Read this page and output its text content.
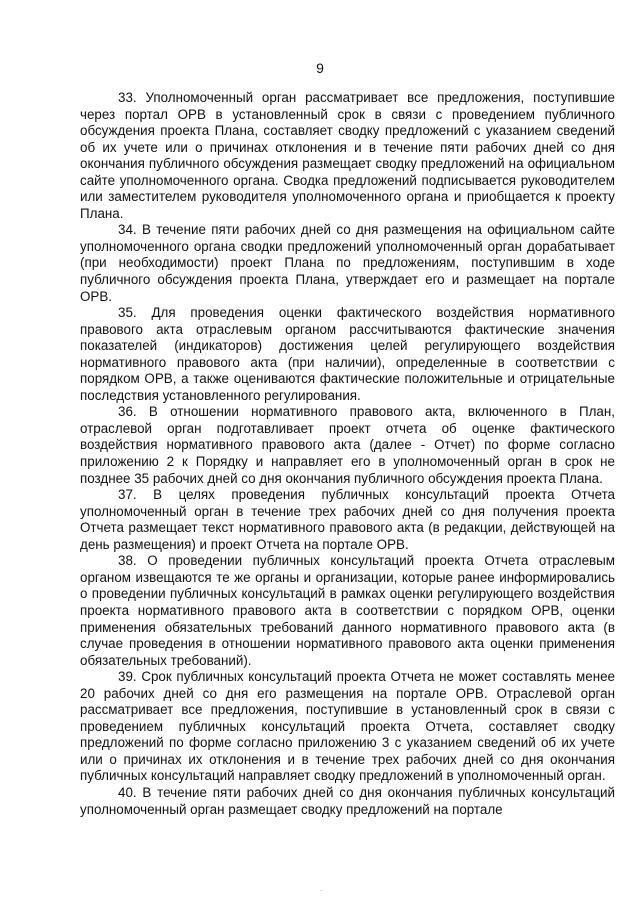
9

33. Уполномоченный орган рассматривает все предложения, поступившие через портал ОРВ в установленный срок в связи с проведением публичного обсуждения проекта Плана, составляет сводку предложений с указанием сведений об их учете или о причинах отклонения и в течение пяти рабочих дней со дня окончания публичного обсуждения размещает сводку предложений на официальном сайте уполномоченного органа. Сводка предложений подписывается руководителем или заместителем руководителя уполномоченного органа и приобщается к проекту Плана.

34. В течение пяти рабочих дней со дня размещения на официальном сайте уполномоченного органа сводки предложений уполномоченный орган дорабатывает (при необходимости) проект Плана по предложениям, поступившим в ходе публичного обсуждения проекта Плана, утверждает его и размещает на портале ОРВ.

35. Для проведения оценки фактического воздействия нормативного правового акта отраслевым органом рассчитываются фактические значения показателей (индикаторов) достижения целей регулирующего воздействия нормативного правового акта (при наличии), определенные в соответствии с порядком ОРВ, а также оцениваются фактические положительные и отрицательные последствия установленного регулирования.

36. В отношении нормативного правового акта, включенного в План, отраслевой орган подготавливает проект отчета об оценке фактического воздействия нормативного правового акта (далее - Отчет) по форме согласно приложению 2 к Порядку и направляет его в уполномоченный орган в срок не позднее 35 рабочих дней со дня окончания публичного обсуждения проекта Плана.

37. В целях проведения публичных консультаций проекта Отчета уполномоченный орган в течение трех рабочих дней со дня получения проекта Отчета размещает текст нормативного правового акта (в редакции, действующей на день размещения) и проект Отчета на портале ОРВ.

38. О проведении публичных консультаций проекта Отчета отраслевым органом извещаются те же органы и организации, которые ранее информировались о проведении публичных консультаций в рамках оценки регулирующего воздействия проекта нормативного правового акта в соответствии с порядком ОРВ, оценки применения обязательных требований данного нормативного правового акта (в случае проведения в отношении нормативного правового акта оценки применения обязательных требований).

39. Срок публичных консультаций проекта Отчета не может составлять менее 20 рабочих дней со дня его размещения на портале ОРВ. Отраслевой орган рассматривает все предложения, поступившие в установленный срок в связи с проведением публичных консультаций проекта Отчета, составляет сводку предложений по форме согласно приложению 3 с указанием сведений об их учете или о причинах их отклонения и в течение трех рабочих дней со дня окончания публичных консультаций направляет сводку предложений в уполномоченный орган.

40. В течение пяти рабочих дней со дня окончания публичных консультаций уполномоченный орган размещает сводку предложений на портале

.
